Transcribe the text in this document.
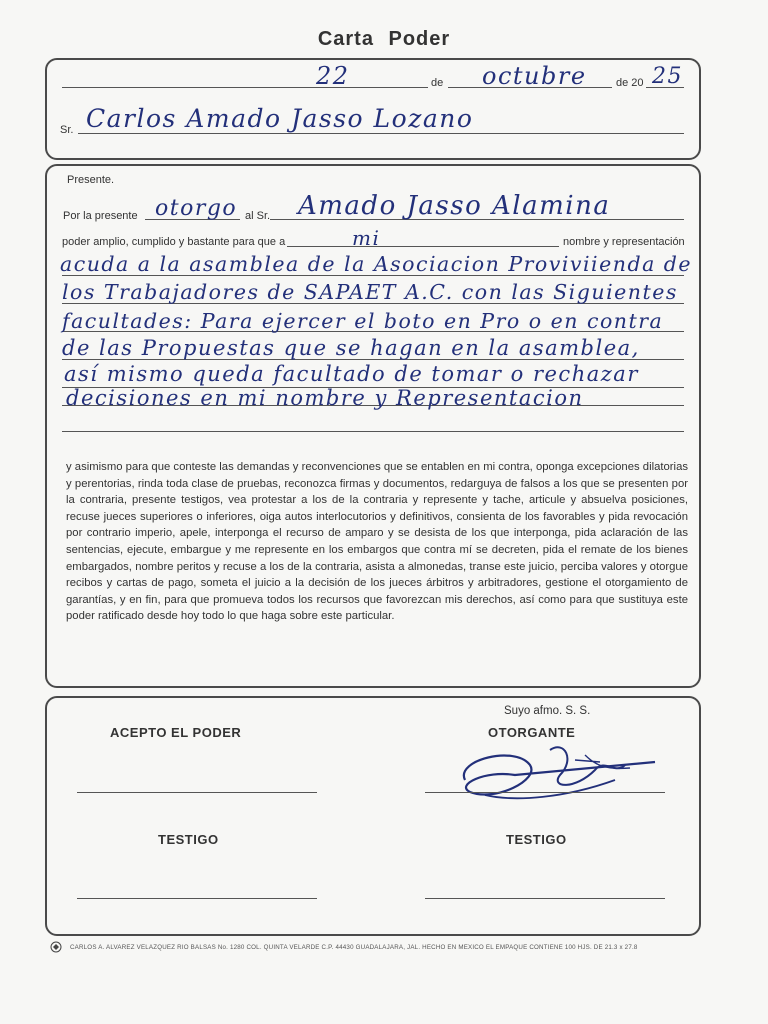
Carta Poder
22	de octubre	de 20 25
Sr. Carlos Amado Jasso Lozano
Presente.
Por la presente otorgo al Sr. Amado Jasso Alamina
poder amplio, cumplido y bastante para que a	mi	nombre y representación
acuda a la asamblea de la Asociacion Proviviienda de
los Trabajadores de SAPAET A.C. con las Siguientes
facultades: Para ejercer el boto en Pro o en contra
de las Propuestas que se hagan en la asamblea,
así mismo queda facultado de tomar o rechazar
decisiones en mi nombre y Representacion
y asimismo para que conteste las demandas y reconvenciones que se entablen en mi contra, oponga excepciones dilatorias y perentorias, rinda toda clase de pruebas, reconozca firmas y documentos, redarguya de falsos a los que se presenten por la contraria, presente testigos, vea protestar a los de la contraria y represente y tache, articule y absuelva posiciones, recuse jueces superiores o inferiores, oiga autos interlocutorios y definitivos, consienta de los favorables y pida revocación por contrario imperio, apele, interponga el recurso de amparo y se desista de los que interponga, pida aclaración de las sentencias, ejecute, embargue y me represente en los embargos que contra mí se decreten, pida el remate de los bienes embargados, nombre peritos y recuse a los de la contraria, asista a almonedas, transe este juicio, perciba valores y otorgue recibos y cartas de pago, someta el juicio a la decisión de los jueces árbitros y arbitradores, gestione el otorgamiento de garantías, y en fin, para que promueva todos los recursos que favorezcan mis derechos, así como para que sustituya este poder ratificado desde hoy todo lo que haga sobre este particular.
Suyo afmo. S. S.
ACEPTO EL PODER	OTORGANTE
TESTIGO	TESTIGO
CARLOS A. ALVAREZ VELAZQUEZ RIO BALSAS No. 1280 COL. QUINTA VELARDE C.P. 44430 GUADALAJARA, JAL. HECHO EN MEXICO EL EMPAQUE CONTIENE 100 HJS. DE 21.3 x 27.8
